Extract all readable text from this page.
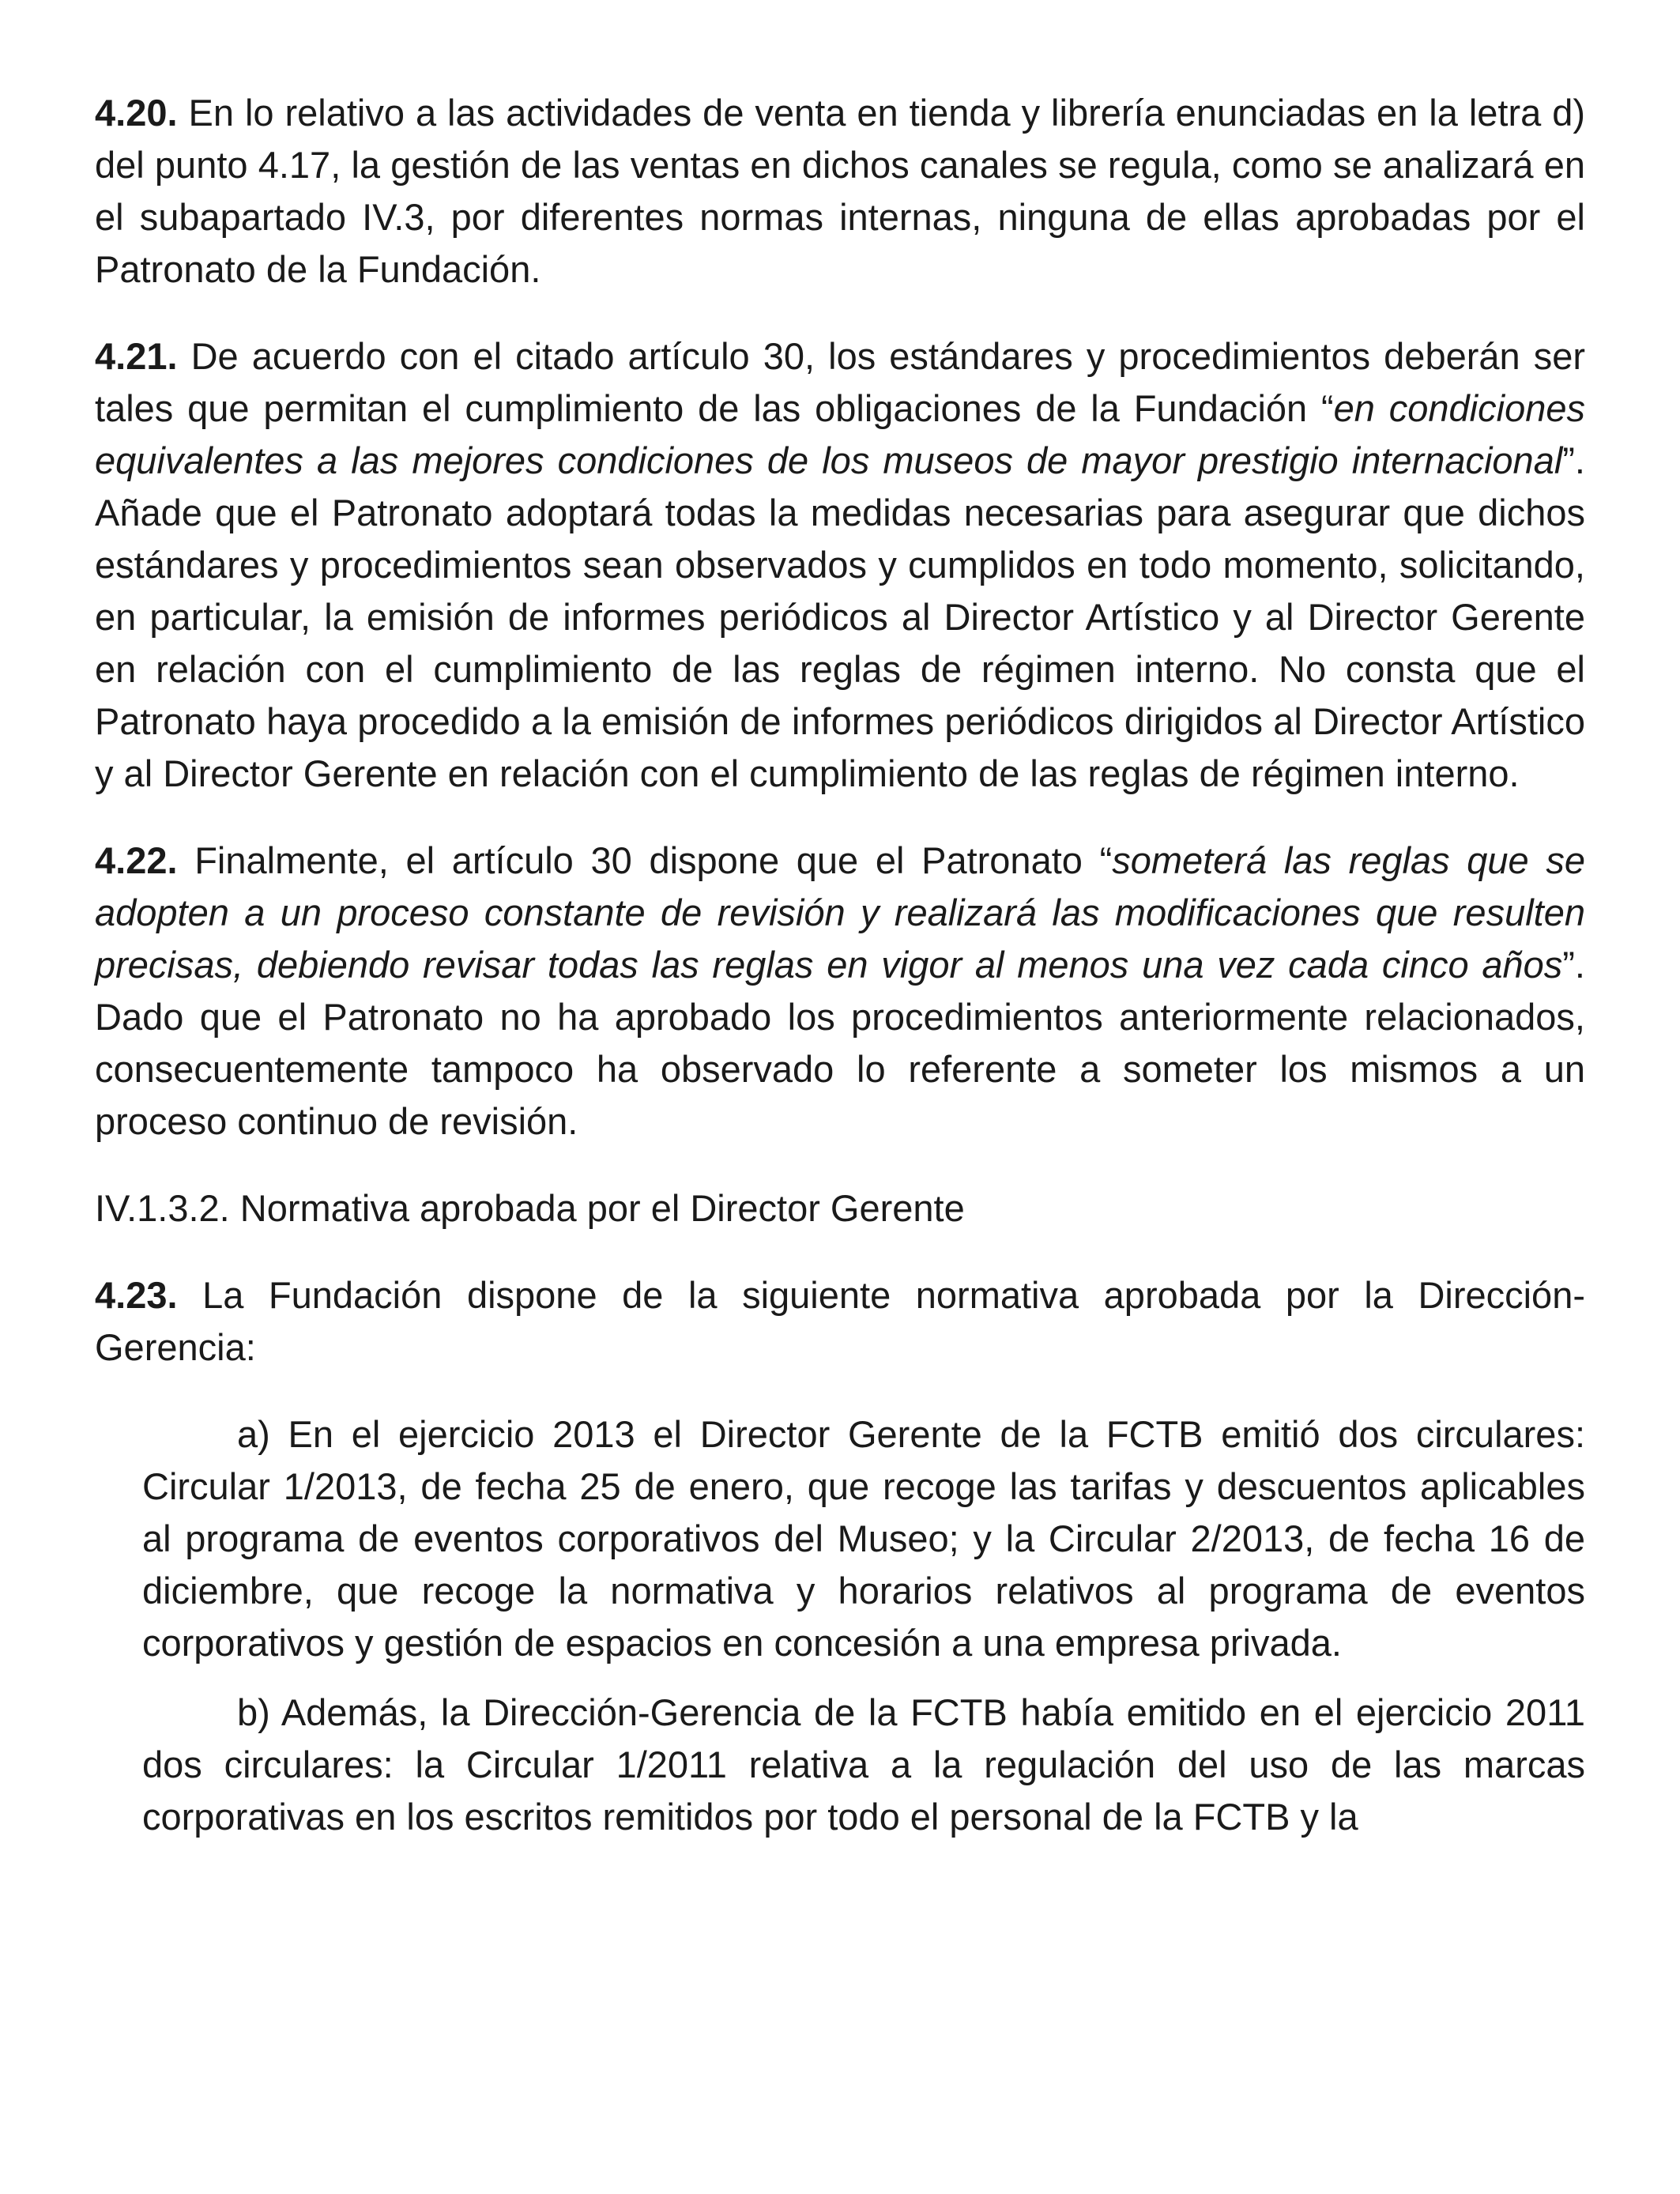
4.20. En lo relativo a las actividades de venta en tienda y librería enunciadas en la letra d) del punto 4.17, la gestión de las ventas en dichos canales se regula, como se analizará en el subapartado IV.3, por diferentes normas internas, ninguna de ellas aprobadas por el Patronato de la Fundación.

4.21. De acuerdo con el citado artículo 30, los estándares y procedimientos deberán ser tales que permitan el cumplimiento de las obligaciones de la Fundación “en condiciones equivalentes a las mejores condiciones de los museos de mayor prestigio internacional”. Añade que el Patronato adoptará todas la medidas necesarias para asegurar que dichos estándares y procedimientos sean observados y cumplidos en todo momento, solicitando, en particular, la emisión de informes periódicos al Director Artístico y al Director Gerente en relación con el cumplimiento de las reglas de régimen interno. No consta que el Patronato haya procedido a la emisión de informes periódicos dirigidos al Director Artístico y al Director Gerente en relación con el cumplimiento de las reglas de régimen interno.

4.22. Finalmente, el artículo 30 dispone que el Patronato “someterá las reglas que se adopten a un proceso constante de revisión y realizará las modificaciones que resulten precisas, debiendo revisar todas las reglas en vigor al menos una vez cada cinco años”. Dado que el Patronato no ha aprobado los procedimientos anteriormente relacionados, consecuentemente tampoco ha observado lo referente a someter los mismos a un proceso continuo de revisión.

IV.1.3.2. Normativa aprobada por el Director Gerente

4.23. La Fundación dispone de la siguiente normativa aprobada por la Dirección-Gerencia:

a) En el ejercicio 2013 el Director Gerente de la FCTB emitió dos circulares: Circular 1/2013, de fecha 25 de enero, que recoge las tarifas y descuentos aplicables al programa de eventos corporativos del Museo; y la Circular 2/2013, de fecha 16 de diciembre, que recoge la normativa y horarios relativos al programa de eventos corporativos y gestión de espacios en concesión a una empresa privada.

b) Además, la Dirección-Gerencia de la FCTB había emitido en el ejercicio 2011 dos circulares: la Circular 1/2011 relativa a la regulación del uso de las marcas corporativas en los escritos remitidos por todo el personal de la FCTB y la
